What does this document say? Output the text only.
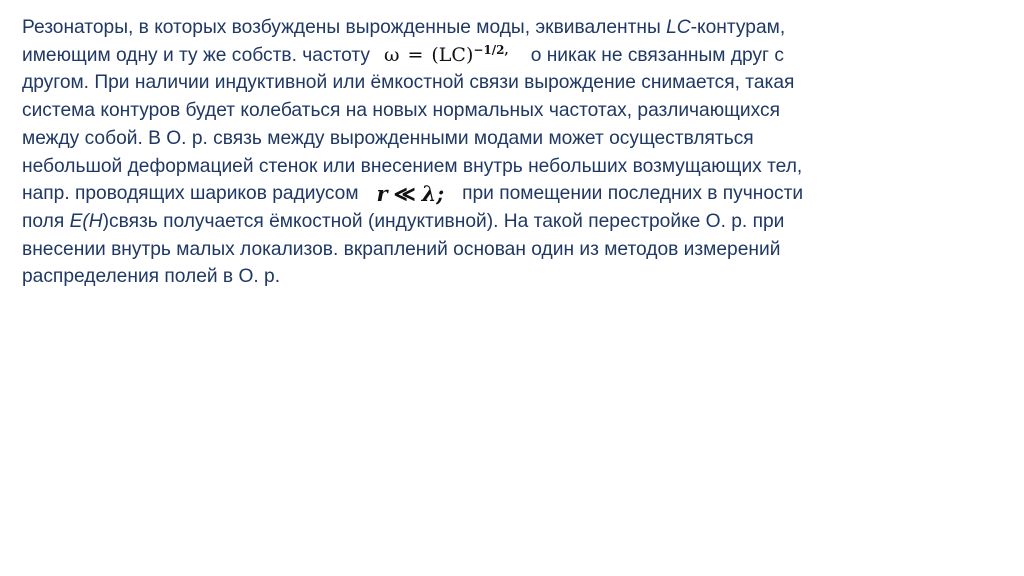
Резонаторы, в которых возбуждены вырожденные моды, эквивалентны LC-контурам,
имеющим одну и ту же собств. частоту ω = (LC)$^{-1/2,}$ о никак не связанным друг с
другом. При наличии индуктивной или ёмкостной связи вырождение снимается, такая
система контуров будет колебаться на новых нормальных частотах, различающихся
между собой. В О. р. связь между вырожденными модами может осуществляться
небольшой деформацией стенок или внесением внутрь небольших возмущающих тел,
напр. проводящих шариков радиусом r ≪ λ; при помещении последних в пучности
поля E(H)связь получается ёмкостной (индуктивной). На такой перестройке О. р. при
внесении внутрь малых локализов. вкраплений основан один из методов измерений
распределения полей в О. р.
